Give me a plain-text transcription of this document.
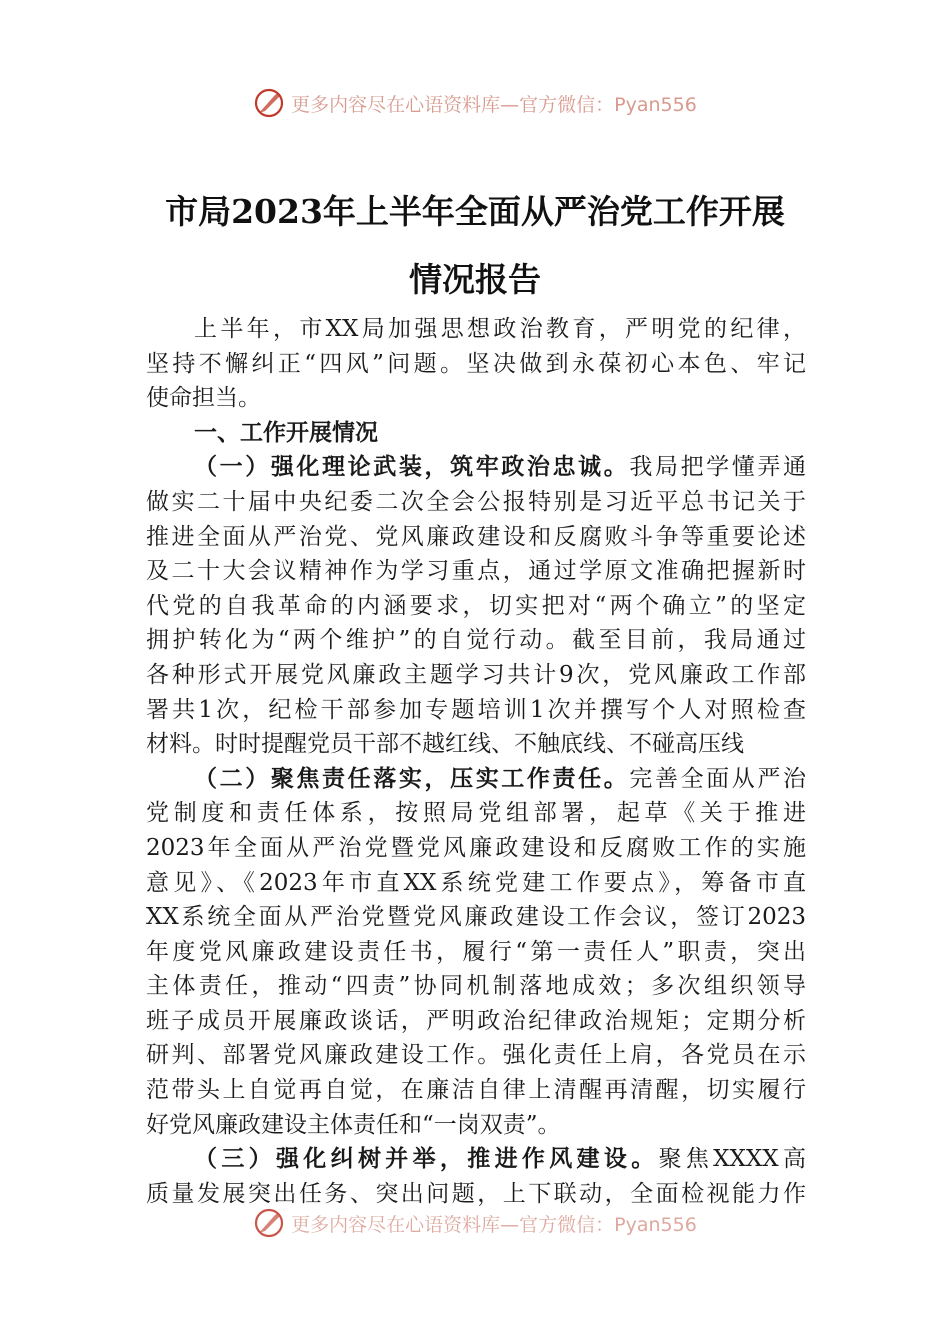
更多内容尽在心语资料库—官方微信：Pyan556
市局2023年上半年全面从严治党工作开展
情况报告
上半年，市XX局加强思想政治教育，严明党的纪律，
坚持不懈纠正“四风”问题。坚决做到永葆初心本色、牢记
使命担当。
一、工作开展情况
（一）强化理论武装，筑牢政治忠诚。我局把学懂弄通
做实二十届中央纪委二次全会公报特别是习近平总书记关于
推进全面从严治党、党风廉政建设和反腐败斗争等重要论述
及二十大会议精神作为学习重点，通过学原文准确把握新时
代党的自我革命的内涵要求，切实把对“两个确立”的坚定
拥护转化为“两个维护”的自觉行动。截至目前，我局通过
各种形式开展党风廉政主题学习共计9次，党风廉政工作部
署共1次，纪检干部参加专题培训1次并撰写个人对照检查
材料。时时提醒党员干部不越红线、不触底线、不碰高压线
（二）聚焦责任落实，压实工作责任。完善全面从严治
党制度和责任体系，按照局党组部署，起草《关于推进
2023年全面从严治党暨党风廉政建设和反腐败工作的实施
意见》、《2023年市直XX系统党建工作要点》，筹备市直
XX系统全面从严治党暨党风廉政建设工作会议，签订2023
年度党风廉政建设责任书，履行“第一责任人”职责，突出
主体责任，推动“四责”协同机制落地成效；多次组织领导
班子成员开展廉政谈话，严明政治纪律政治规矩；定期分析
研判、部署党风廉政建设工作。强化责任上肩，各党员在示
范带头上自觉再自觉，在廉洁自律上清醒再清醒，切实履行
好党风廉政建设主体责任和“一岗双责”。
（三）强化纠树并举，推进作风建设。聚焦XXXX高
质量发展突出任务、突出问题，上下联动，全面检视能力作
更多内容尽在心语资料库—官方微信：Pyan556
